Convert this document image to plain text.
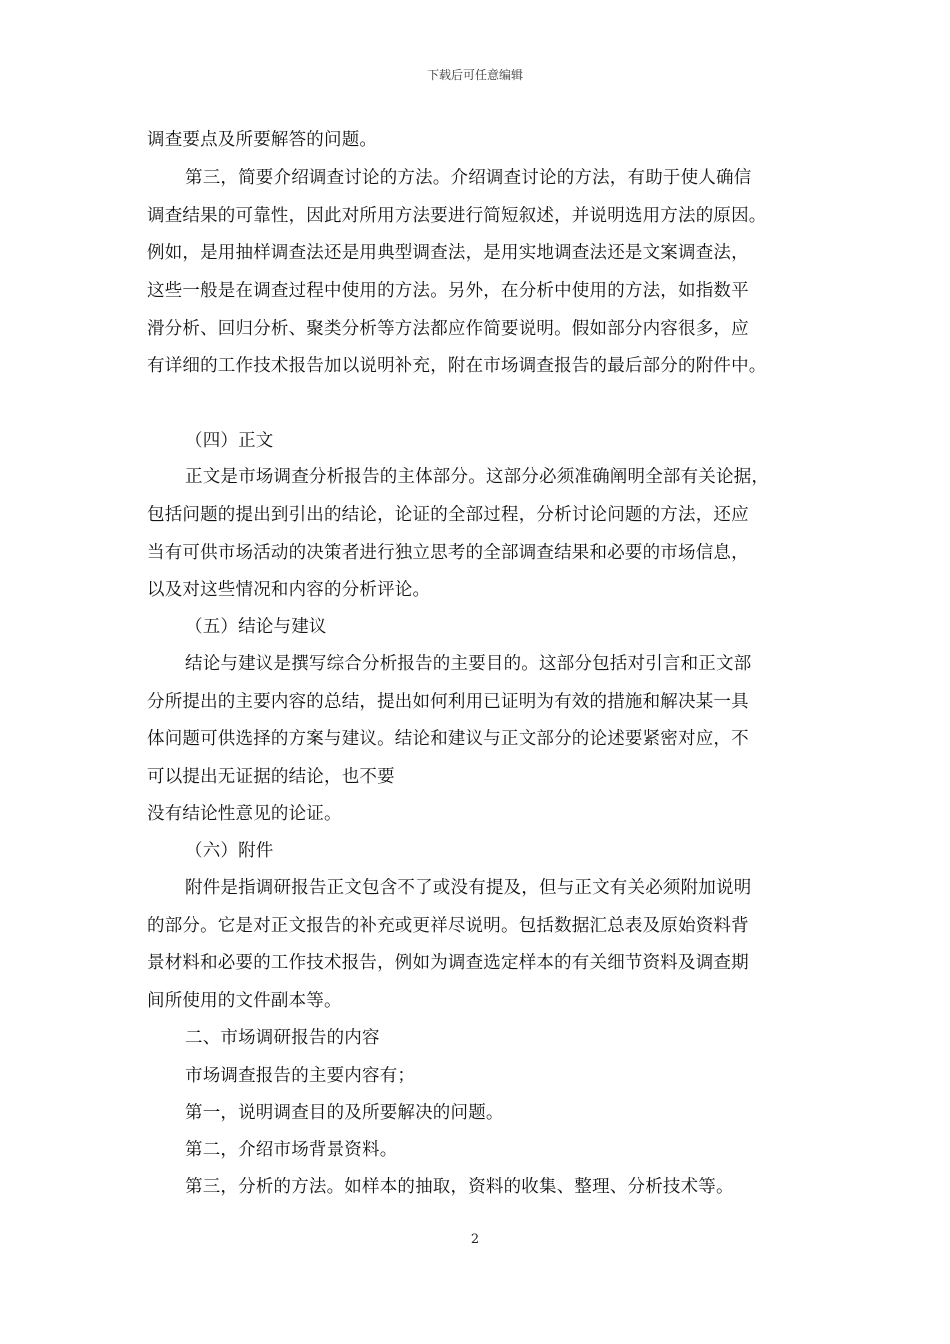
下载后可任意编辑
调查要点及所要解答的问题。
第三，简要介绍调查讨论的方法。介绍调查讨论的方法，有助于使人确信
调查结果的可靠性，因此对所用方法要进行简短叙述，并说明选用方法的原因。
例如，是用抽样调查法还是用典型调查法，是用实地调查法还是文案调查法，
这些一般是在调查过程中使用的方法。另外，在分析中使用的方法，如指数平
滑分析、回归分析、聚类分析等方法都应作简要说明。假如部分内容很多，应
有详细的工作技术报告加以说明补充，附在市场调查报告的最后部分的附件中。
（四）正文
正文是市场调查分析报告的主体部分。这部分必须准确阐明全部有关论据，
包括问题的提出到引出的结论，论证的全部过程，分析讨论问题的方法，还应
当有可供市场活动的决策者进行独立思考的全部调查结果和必要的市场信息，
以及对这些情况和内容的分析评论。
（五）结论与建议
结论与建议是撰写综合分析报告的主要目的。这部分包括对引言和正文部
分所提出的主要内容的总结，提出如何利用已证明为有效的措施和解决某一具
体问题可供选择的方案与建议。结论和建议与正文部分的论述要紧密对应，不
可以提出无证据的结论，也不要
没有结论性意见的论证。
（六）附件
附件是指调研报告正文包含不了或没有提及，但与正文有关必须附加说明
的部分。它是对正文报告的补充或更祥尽说明。包括数据汇总表及原始资料背
景材料和必要的工作技术报告，例如为调查选定样本的有关细节资料及调查期
间所使用的文件副本等。
二、市场调研报告的内容
市场调查报告的主要内容有；
第一，说明调查目的及所要解决的问题。
第二，介绍市场背景资料。
第三，分析的方法。如样本的抽取，资料的收集、整理、分析技术等。
2
